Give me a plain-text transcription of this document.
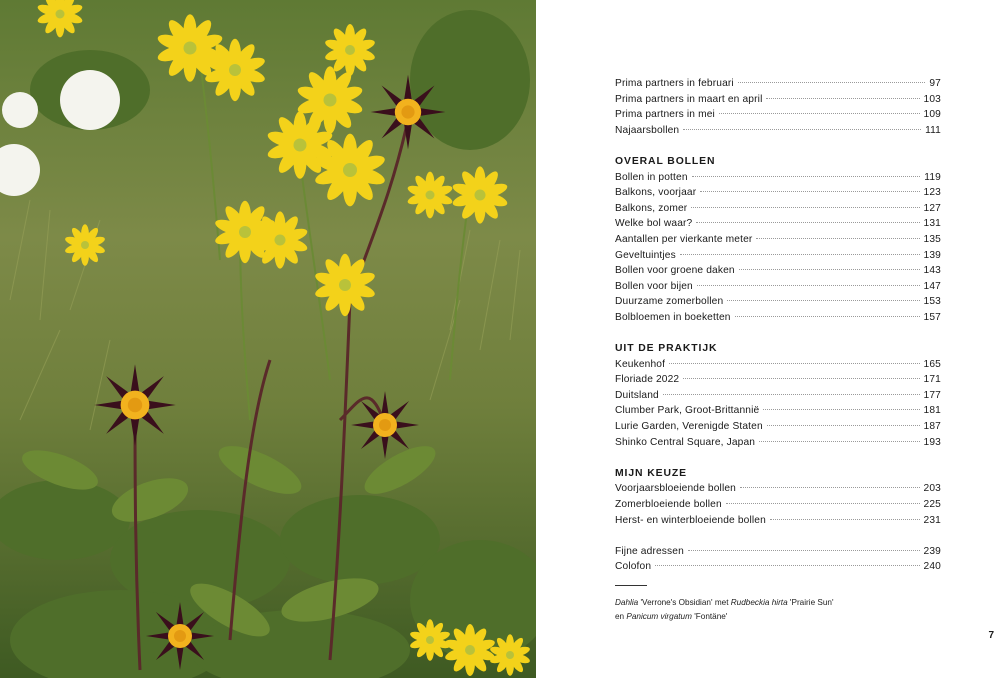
Prima partners in februari	97
Prima partners in maart en april	103
Prima partners in mei	109
Najaarsbollen	111
OVERAL BOLLEN
Bollen in potten	119
Balkons, voorjaar	123
Balkons, zomer	127
Welke bol waar?	131
Aantallen per vierkante meter	135
Geveltuintjes	139
Bollen voor groene daken	143
Bollen voor bijen	147
Duurzame zomerbollen	153
Bolbloemen in boeketten	157
UIT DE PRAKTIJK
Keukenhof	165
Floriade 2022	171
Duitsland	177
Clumber Park, Groot-Brittannië	181
Lurie Garden, Verenigde Staten	187
Shinko Central Square, Japan	193
MIJN KEUZE
Voorjaarsbloeiende bollen	203
Zomerbloeiende bollen	225
Herst- en winterbloeiende bollen	231
Fijne adressen	239
Colofon	240
Dahlia 'Verrone's Obsidian' met Rudbeckia hirta 'Prairie Sun'
en Panicum virgatum 'Fontäne'
7
